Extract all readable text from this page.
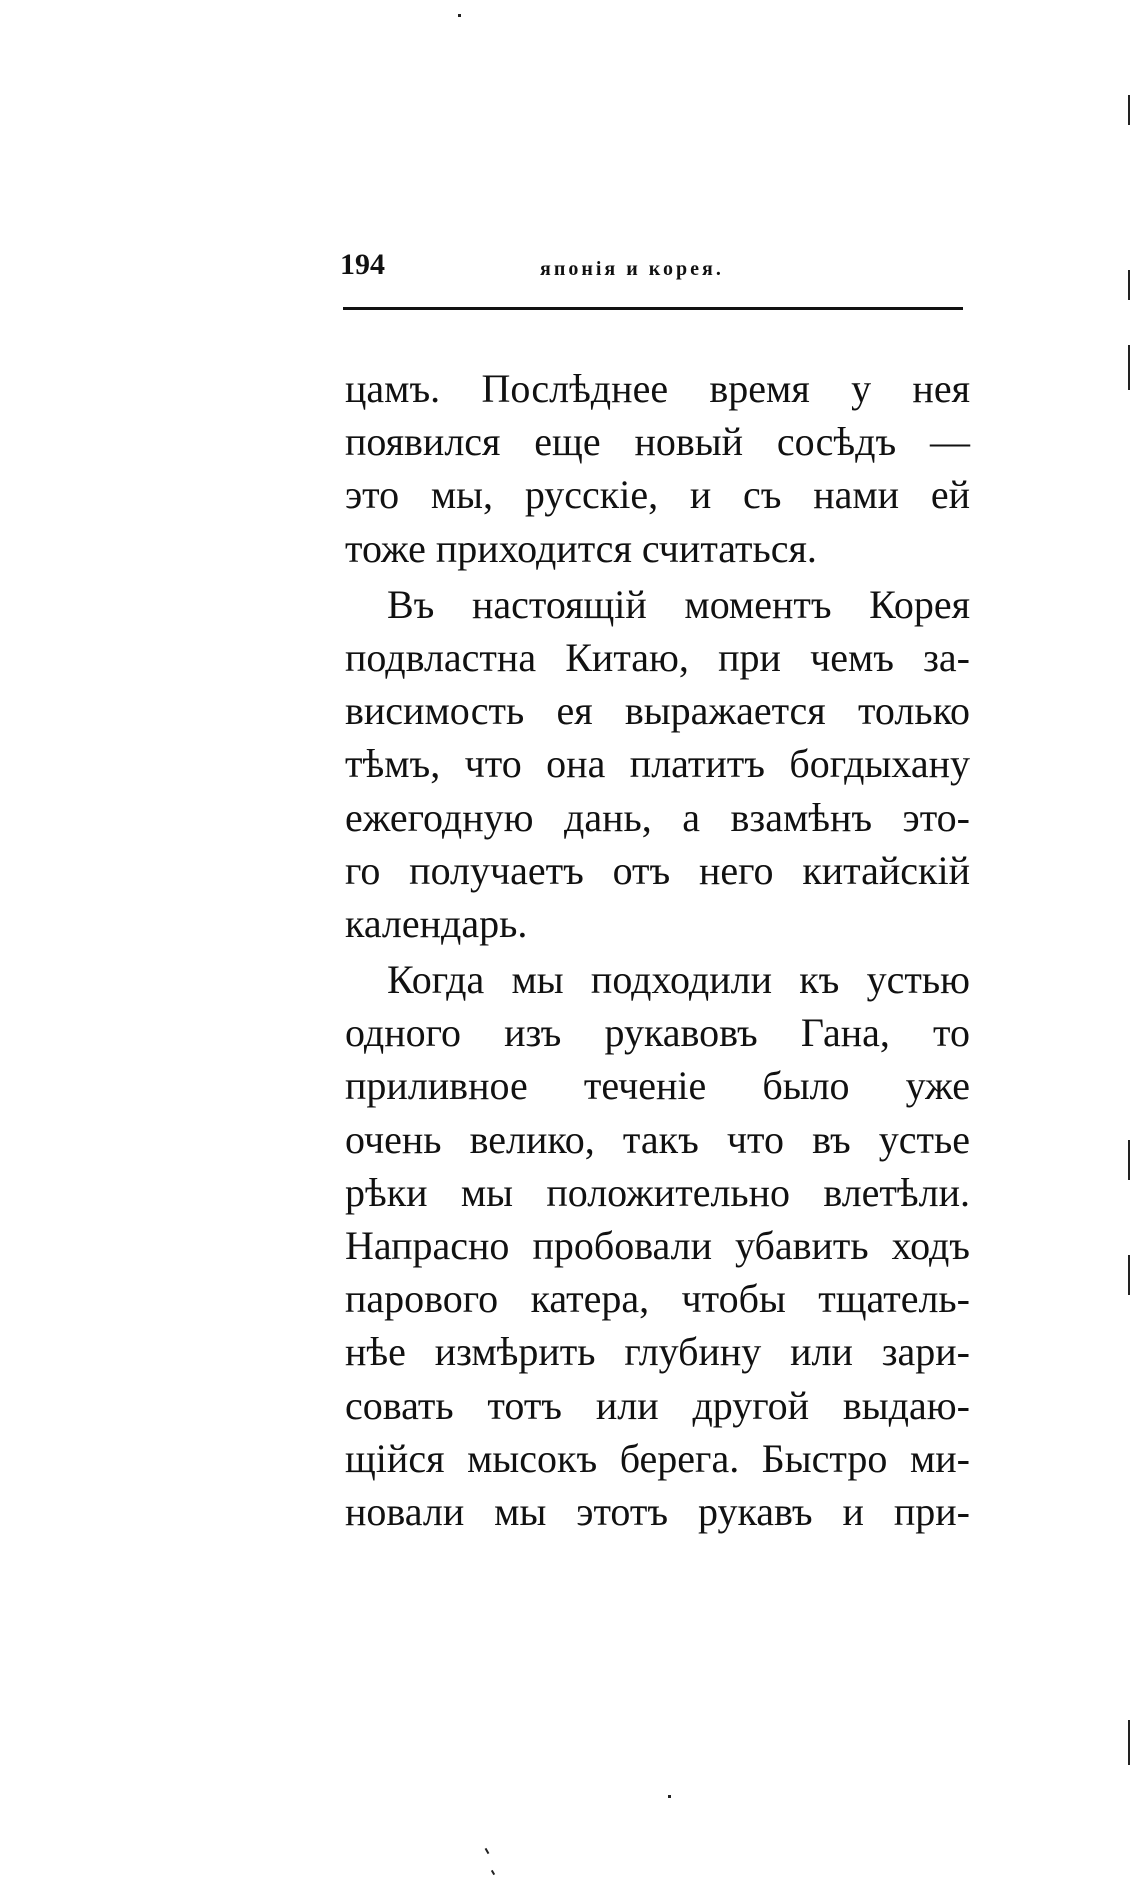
194	японія и корея.
цамъ. Послѣднее время у нея
появился еще новый сосѣдъ —
это мы, русскіе, и съ нами ей
тоже приходится считаться.
Въ настоящій моментъ Корея
подвластна Китаю, при чемъ за-
висимость ея выражается только
тѣмъ, что она платитъ богдыхану
ежегодную дань, а взамѣнъ это-
го получаетъ отъ него китайскій
календарь.
Когда мы подходили къ устью
одного изъ рукавовъ Гана, то
приливное теченіе было уже
очень велико, такъ что въ устье
рѣки мы положительно влетѣли.
Напрасно пробовали убавить ходъ
парового катера, чтобы тщатель-
нѣе измѣрить глубину или зари-
совать тотъ или другой выдаю-
щійся мысокъ берега. Быстро ми-
новали мы этотъ рукавъ и при-
